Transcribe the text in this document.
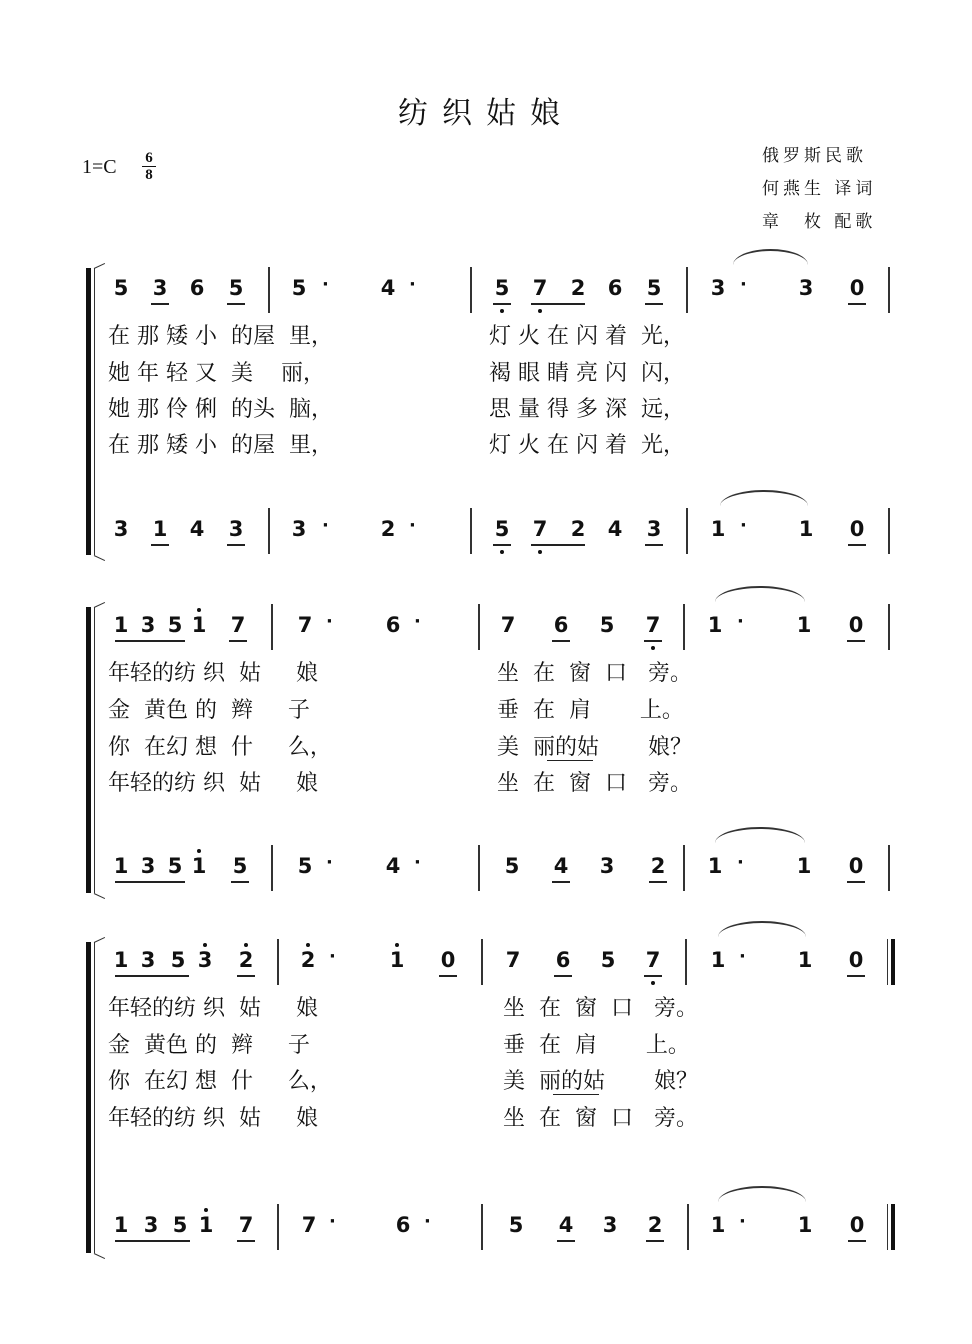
纺织姑娘
1=C 6
8
俄罗斯民歌
何燕生 译词
章　枚 配歌
5 3 6 5 5 · 4 ·	5 7 2 6 5 3 · 3 0
3 1 4 3 3 · 2 ·	5 7 2 4 3 1 · 1 0
在 那 矮 小  的屋  里，
她 年 轻 又  美    丽，
她 那 伶 俐  的头  脑，
在 那 矮 小  的屋  里，
灯 火 在 闪 着  光，
褐 眼 睛 亮 闪  闪，
思 量 得 多 深  远，
灯 火 在 闪 着  光，
1 3 5 1 7 7 ·	6 ·	7 6 5 7 1 ·	1 0
1 3 5 1 5 5 ·	4 ·	5 4 3 2 1 ·	1 0
年轻的纺 织  姑     娘
金  黄色 的  辫     子
你  在幻 想  什     么，
年轻的纺 织  姑     娘
坐  在  窗  口   旁。
垂  在  肩       上。
美  丽的姑       娘？
坐  在  窗  口   旁。
1 3 5 3 2 2 ·	1 0 7 6 5 7 1 · 1 0
1 3 5 1 7 7 ·	6 ·	5 4 3 2 1 · 1 0
年轻的纺 织  姑     娘
金  黄色 的  辫     子
你  在幻 想  什     么，
年轻的纺 织  姑     娘
坐  在  窗  口   旁。
垂  在  肩       上。
美  丽的姑       娘？
坐  在  窗  口   旁。
